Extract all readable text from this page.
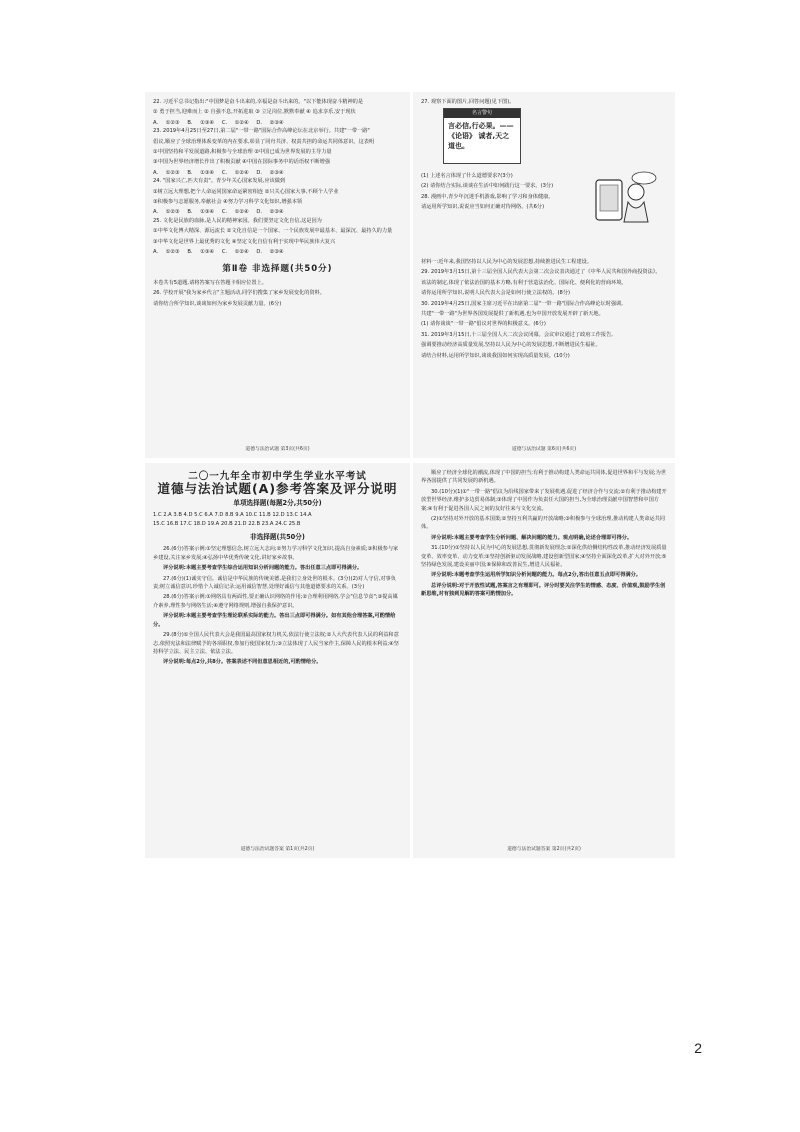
22. 习近平总书记指出:"中国梦是奋斗出来的,幸福是奋斗出来的。"以下能体现奋斗精神的是
① 勇于担当,迎难而上 ② 自强不息,开拓进取 ③ 立足岗位,默默奉献 ④ 追求享乐,安于现状
A. ①②③ B. ①③④ C. ①②④ D. ②③④
23. 2019年4月25日至27日,第二届"一带一路"国际合作高峰论坛在北京举行。共建"一带一路"
倡议,顺应了全球治理体系变革的内在要求,彰显了同舟共济、权责共担的命运共同体意识。这表明
①中国坚持和平发展道路,积极参与全球治理 ②中国已成为世界发展的主导力量
③中国为世界经济增长作出了积极贡献 ④中国在国际事务中的话语权不断增强
A. ①②③ B. ①③④ C. ①②④ D. ②③④
24. "国家兴亡,匹夫有责"。青少年关心国家发展,应该做到
①树立远大理想,把个人命运同国家命运紧密相连 ②只关心国家大事,不顾个人学业
③积极参与志愿服务,奉献社会 ④努力学习科学文化知识,增强本领
A. ①②③ B. ①③④ C. ①②④ D. ②③④
25. 文化是民族的血脉,是人民的精神家园。我们要坚定文化自信,这是因为
①中华文化博大精深、源远流长 ②文化自信是一个国家、一个民族发展中最基本、最深沉、最持久的力量
③中华文化是世界上最优秀的文化 ④坚定文化自信有利于实现中华民族伟大复兴
A. ①②③ B. ①③④ C. ①②④ D. ②③④
第Ⅱ卷 非选择题(共50分)
本卷共有5道题,请将答案写在答题卡相应位置上。
26. 学校开展"我为家乡代言"主题活动,同学们搜集了家乡发展变化的资料。
请你结合所学知识,谈谈如何为家乡发展贡献力量。(6分)
道德与法治试题 第3页(共6页)
27. 观察下面的图片,回答问题(见下图)。
名言警句
言必信,行必果。——《论语》 诚者,天之道也。
(1) 上述名言体现了什么道德要求?(3分)
(2) 请你结合实际,谈谈在生活中如何践行这一要求。(3分)
28. 漫画中,青少年沉迷手机游戏,影响了学习和身体健康。
请运用所学知识,说说应当如何正确对待网络。(共6分)
材料一:近年来,我国坚持以人民为中心的发展思想,持续推进民生工程建设。
29. 2019年3月15日,第十三届全国人民代表大会第二次会议表决通过了《中华人民共和国外商投资法》。
该法的制定,体现了依法治国的基本方略,有利于营造法治化、国际化、便利化的营商环境。
请你运用所学知识,说明人民代表大会是如何行使立法权的。(8分)
30. 2019年4月25日,国家主席习近平在出席第二届"一带一路"国际合作高峰论坛时强调,
共建"一带一路"为世界各国发展提供了新机遇,也为中国开放发展开辟了新天地。
(1) 请你谈谈"一带一路"倡议对世界的积极意义。(6分)
31. 2019年3月15日,十三届全国人大二次会议闭幕。会议审议通过了政府工作报告,
强调要推动经济高质量发展,坚持以人民为中心的发展思想,不断增进民生福祉。
请结合材料,运用所学知识,谈谈我国如何实现高质量发展。(10分)
道德与法治试题 第6页(共6页)
二〇一九年全市初中学生学业水平考试
道德与法治试题(A)参考答案及评分说明
单项选择题(每题2分,共50分)
1.C 2.A 3.B 4.D 5.C 6.A 7.D 8.B 9.A 10.C 11.B 12.D 13.C 14.A
15.C 16.B 17.C 18.D 19.A 20.B 21.D 22.B 23.A 24.C 25.B
非选择题(共50分)
26.(6分)答案示例:①坚定理想信念,树立远大志向;②努力学习科学文化知识,提高自身素质;③积极参与家乡建设,关注家乡发展;④弘扬中华优秀传统文化,讲好家乡故事。
评分说明:本题主要考查学生综合运用知识分析问题的能力。答出任意三点即可得满分。
27.(6分)(1)诚实守信。诚信是中华民族的传统美德,是我们立身处世的根本。(3分)(2)对人守信,对事负责;树立诚信意识,珍惜个人诚信记录;运用诚信智慧,处理好诚信与其他道德要求的关系。(3分)
28.(6分)答案示例:①网络具有两面性,要正确认识网络的作用;②合理利用网络,学会"信息节食";③提高媒介素养,理性参与网络生活;④遵守网络规则,增强自我保护意识。
评分说明:本题主要考查学生理论联系实际的能力。答出三点即可得满分。如有其他合理答案,可酌情给分。
29.(8分)①全国人民代表大会是我国最高国家权力机关,依法行使立法权;②人大代表代表人民的利益和意志,依照宪法和法律赋予的各项职权,参加行使国家权力;③立法体现了人民当家作主,保障人民的根本利益;④坚持科学立法、民主立法、依法立法。
评分说明:每点2分,共8分。答案表述不同但意思相近的,可酌情给分。
道德与法治试题答案 第1页(共2页)
顺应了经济全球化的潮流,体现了中国的担当;有利于推动构建人类命运共同体,促进世界和平与发展;为世界各国提供了共同发展的新机遇。
30.(10分)(1)①"一带一路"倡议为沿线国家带来了发展机遇,促进了经济合作与交流;②有利于推动构建开放型世界经济,维护多边贸易体制;③体现了中国作为负责任大国的担当,为全球治理贡献中国智慧和中国方案;④有利于促进各国人民之间的友好往来与文化交流。
(2)①坚持对外开放的基本国策;②坚持互利共赢的开放战略;③积极参与全球治理,推动构建人类命运共同体。
评分说明:本题主要考查学生分析问题、解决问题的能力。观点明确,论述合理即可得分。
31.(10分)①坚持以人民为中心的发展思想,贯彻新发展理念;②深化供给侧结构性改革,推动经济发展质量变革、效率变革、动力变革;③坚持创新驱动发展战略,建设创新型国家;④坚持全面深化改革,扩大对外开放;⑤坚持绿色发展,建设美丽中国;⑥保障和改善民生,增进人民福祉。
评分说明:本题考查学生运用所学知识分析问题的能力。每点2分,答出任意五点即可得满分。
总评分说明:对于开放性试题,答案言之有理即可。评分时要关注学生的情感、态度、价值观,鼓励学生创新思维,对有独到见解的答案可酌情加分。
道德与法治试题答案 第2页(共2页)
2
